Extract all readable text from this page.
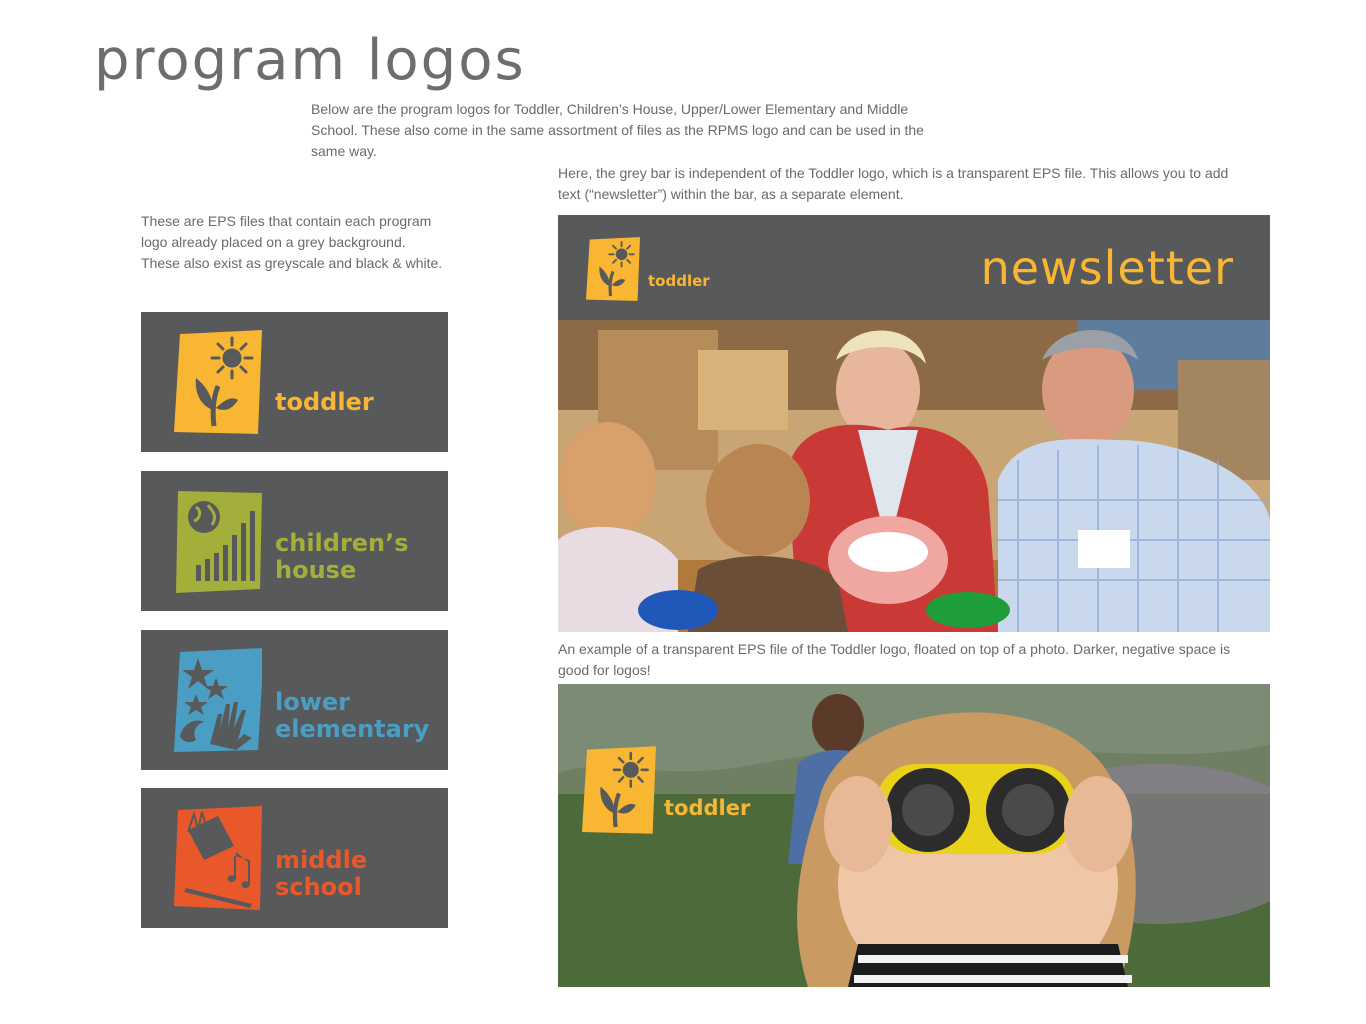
program logos
Below are the program logos for Toddler, Children’s House, Upper/Lower Elementary and Middle School. These also come in the same assortment of files as the RPMS logo and can be used in the same way.
These are EPS files that contain each program logo already placed on a grey background. These also exist as greyscale and black & white.
toddler
children’s
house
lower
elementary
middle
school
Here, the grey bar is independent of the Toddler logo, which is a transparent EPS file. This allows you to add text (“newsletter”) within the bar, as a separate element.
toddler	newsletter
An example of a transparent EPS file of the Toddler logo, floated on top of a photo. Darker, negative space is good for logos!
toddler
